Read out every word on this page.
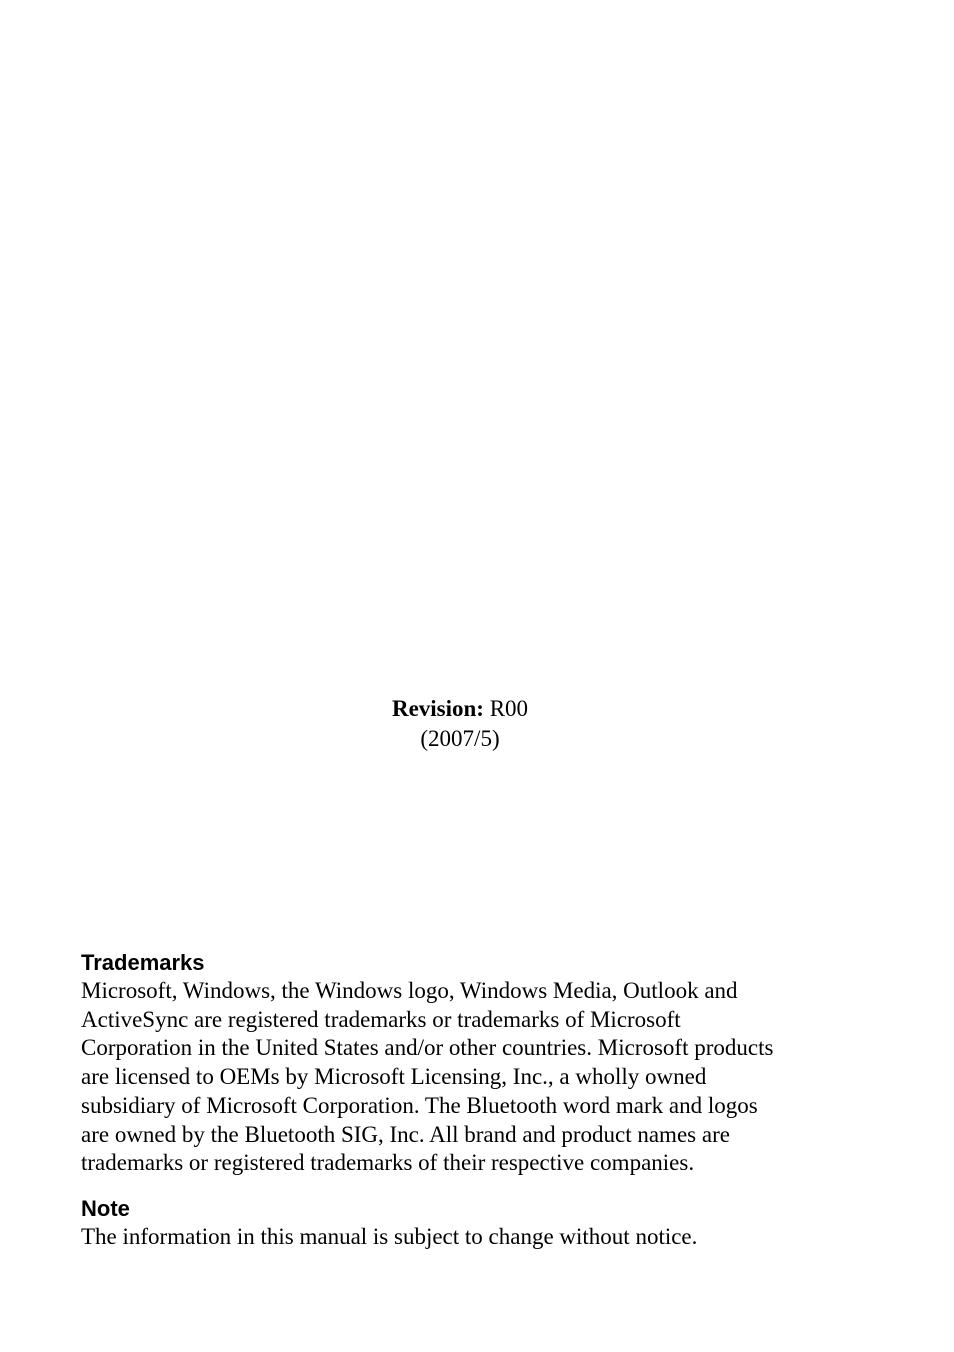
Revision: R00
(2007/5)
Trademarks

Microsoft, Windows, the Windows logo, Windows Media, Outlook and
ActiveSync are registered trademarks or trademarks of Microsoft
Corporation in the United States and/or other countries. Microsoft products
are licensed to OEMs by Microsoft Licensing, Inc., a wholly owned
subsidiary of Microsoft Corporation. The Bluetooth word mark and logos
are owned by the Bluetooth SIG, Inc. All brand and product names are
trademarks or registered trademarks of their respective companies.

Note

The information in this manual is subject to change without notice.
